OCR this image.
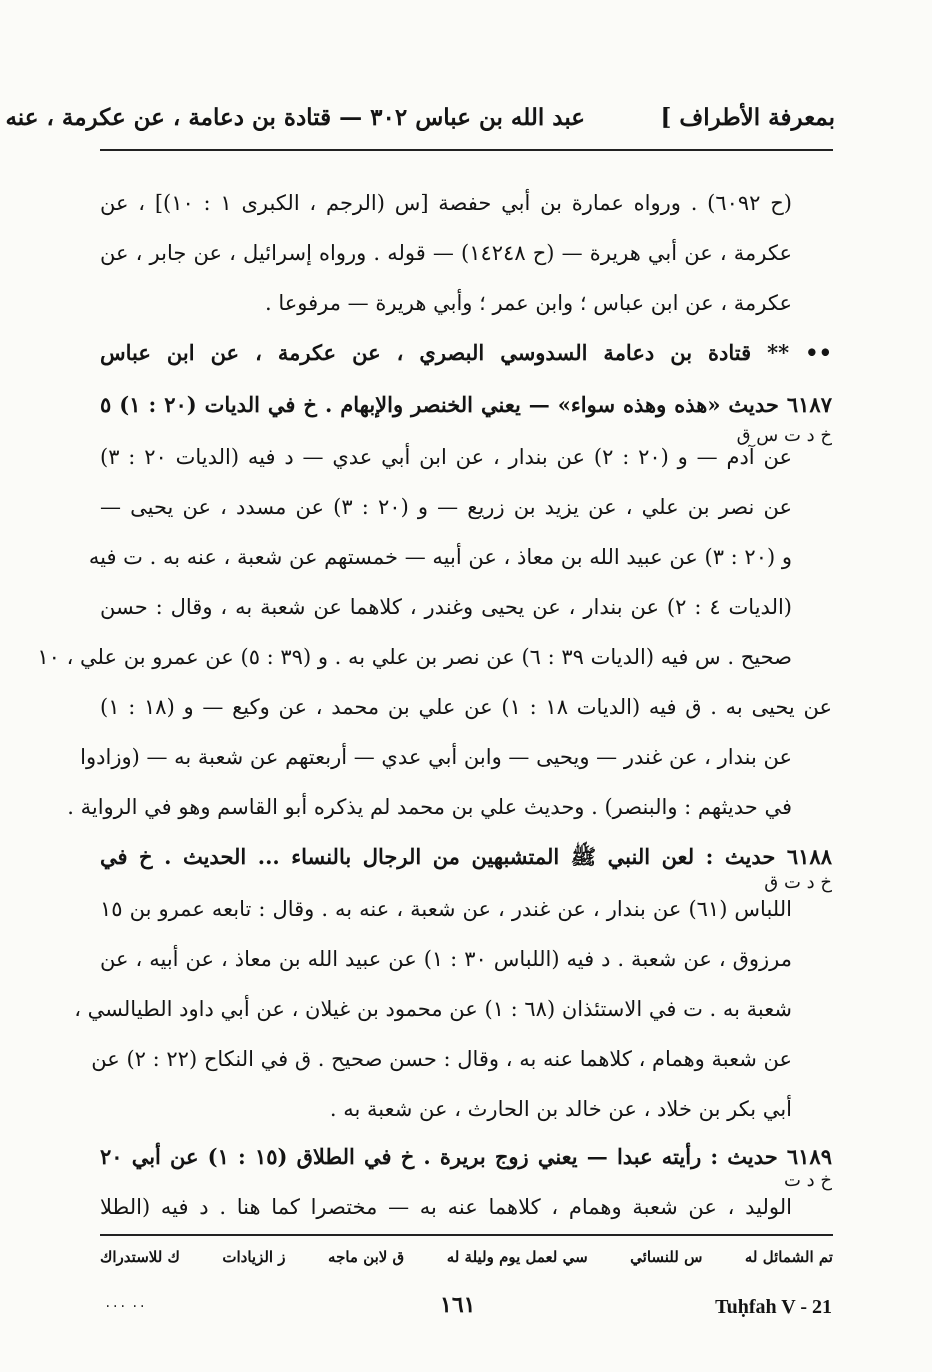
بمعرفة الأطراف ]
عبد الله بن عباس ٣٠٢ — قتادة بن دعامة ، عن عكرمة ، عنه
(ح ٦٠٩٢) . ورواه عمارة بن أبي حفصة [س (الرجم ، الكبرى ١ : ١٠)] ، عن
عكرمة ، عن أبي هريرة — (ح ١٤٢٤٨) — قوله . ورواه إسرائيل ، عن جابر ، عن
عكرمة ، عن ابن عباس ؛ وابن عمر ؛ وأبي هريرة — مرفوعا .
•• ** قتادة بن دعامة السدوسي البصري ، عن عكرمة ، عن ابن عباس
٦١٨٧ حديث «هذه وهذه سواء» — يعني الخنصر والإبهام . خ في الديات (٢٠ : ١) ٥
خ د ت س ق
عن آدم — و (٢٠ : ٢) عن بندار ، عن ابن أبي عدي — د فيه (الديات ٢٠ : ٣)
عن نصر بن علي ، عن يزيد بن زريع — و (٢٠ : ٣) عن مسدد ، عن يحيى —
و (٢٠ : ٣) عن عبيد الله بن معاذ ، عن أبيه — خمستهم عن شعبة ، عنه به . ت فيه
(الديات ٤ : ٢) عن بندار ، عن يحيى وغندر ، كلاهما عن شعبة به ، وقال : حسن
صحيح . س فيه (الديات ٣٩ : ٦) عن نصر بن علي به . و (٣٩ : ٥) عن عمرو بن علي ، ١٠
عن يحيى به . ق فيه (الديات ١٨ : ١) عن علي بن محمد ، عن وكيع — و (١٨ : ١)
عن بندار ، عن غندر — ويحيى — وابن أبي عدي — أربعتهم عن شعبة به — (وزادوا
في حديثهم : والبنصر) . وحديث علي بن محمد لم يذكره أبو القاسم وهو في الرواية .
٦١٨٨ حديث : لعن النبي ﷺ المتشبهين من الرجال بالنساء ... الحديث . خ في
خ د ت ق
اللباس (٦١) عن بندار ، عن غندر ، عن شعبة ، عنه به . وقال : تابعه عمرو بن ١٥
مرزوق ، عن شعبة . د فيه (اللباس ٣٠ : ١) عن عبيد الله بن معاذ ، عن أبيه ، عن
شعبة به . ت في الاستئذان (٦٨ : ١) عن محمود بن غيلان ، عن أبي داود الطيالسي ،
عن شعبة وهمام ، كلاهما عنه به ، وقال : حسن صحيح . ق في النكاح (٢٢ : ٢) عن
أبي بكر بن خلاد ، عن خالد بن الحارث ، عن شعبة به .
٦١٨٩ حديث : رأيته عبدا — يعني زوج بريرة . خ في الطلاق (١٥ : ١) عن أبي ٢٠
خ د ت
الوليد ، عن شعبة وهمام ، كلاهما عنه به — مختصرا كما هنا . د فيه (الطلا
تم الشمائل له
س للنسائي
سي لعمل يوم وليلة له
ق لابن ماجه
ز الزيادات
ك للاستدراك
Tuḥfah V - 21
١٦١
٠٠ ٠٠٠
